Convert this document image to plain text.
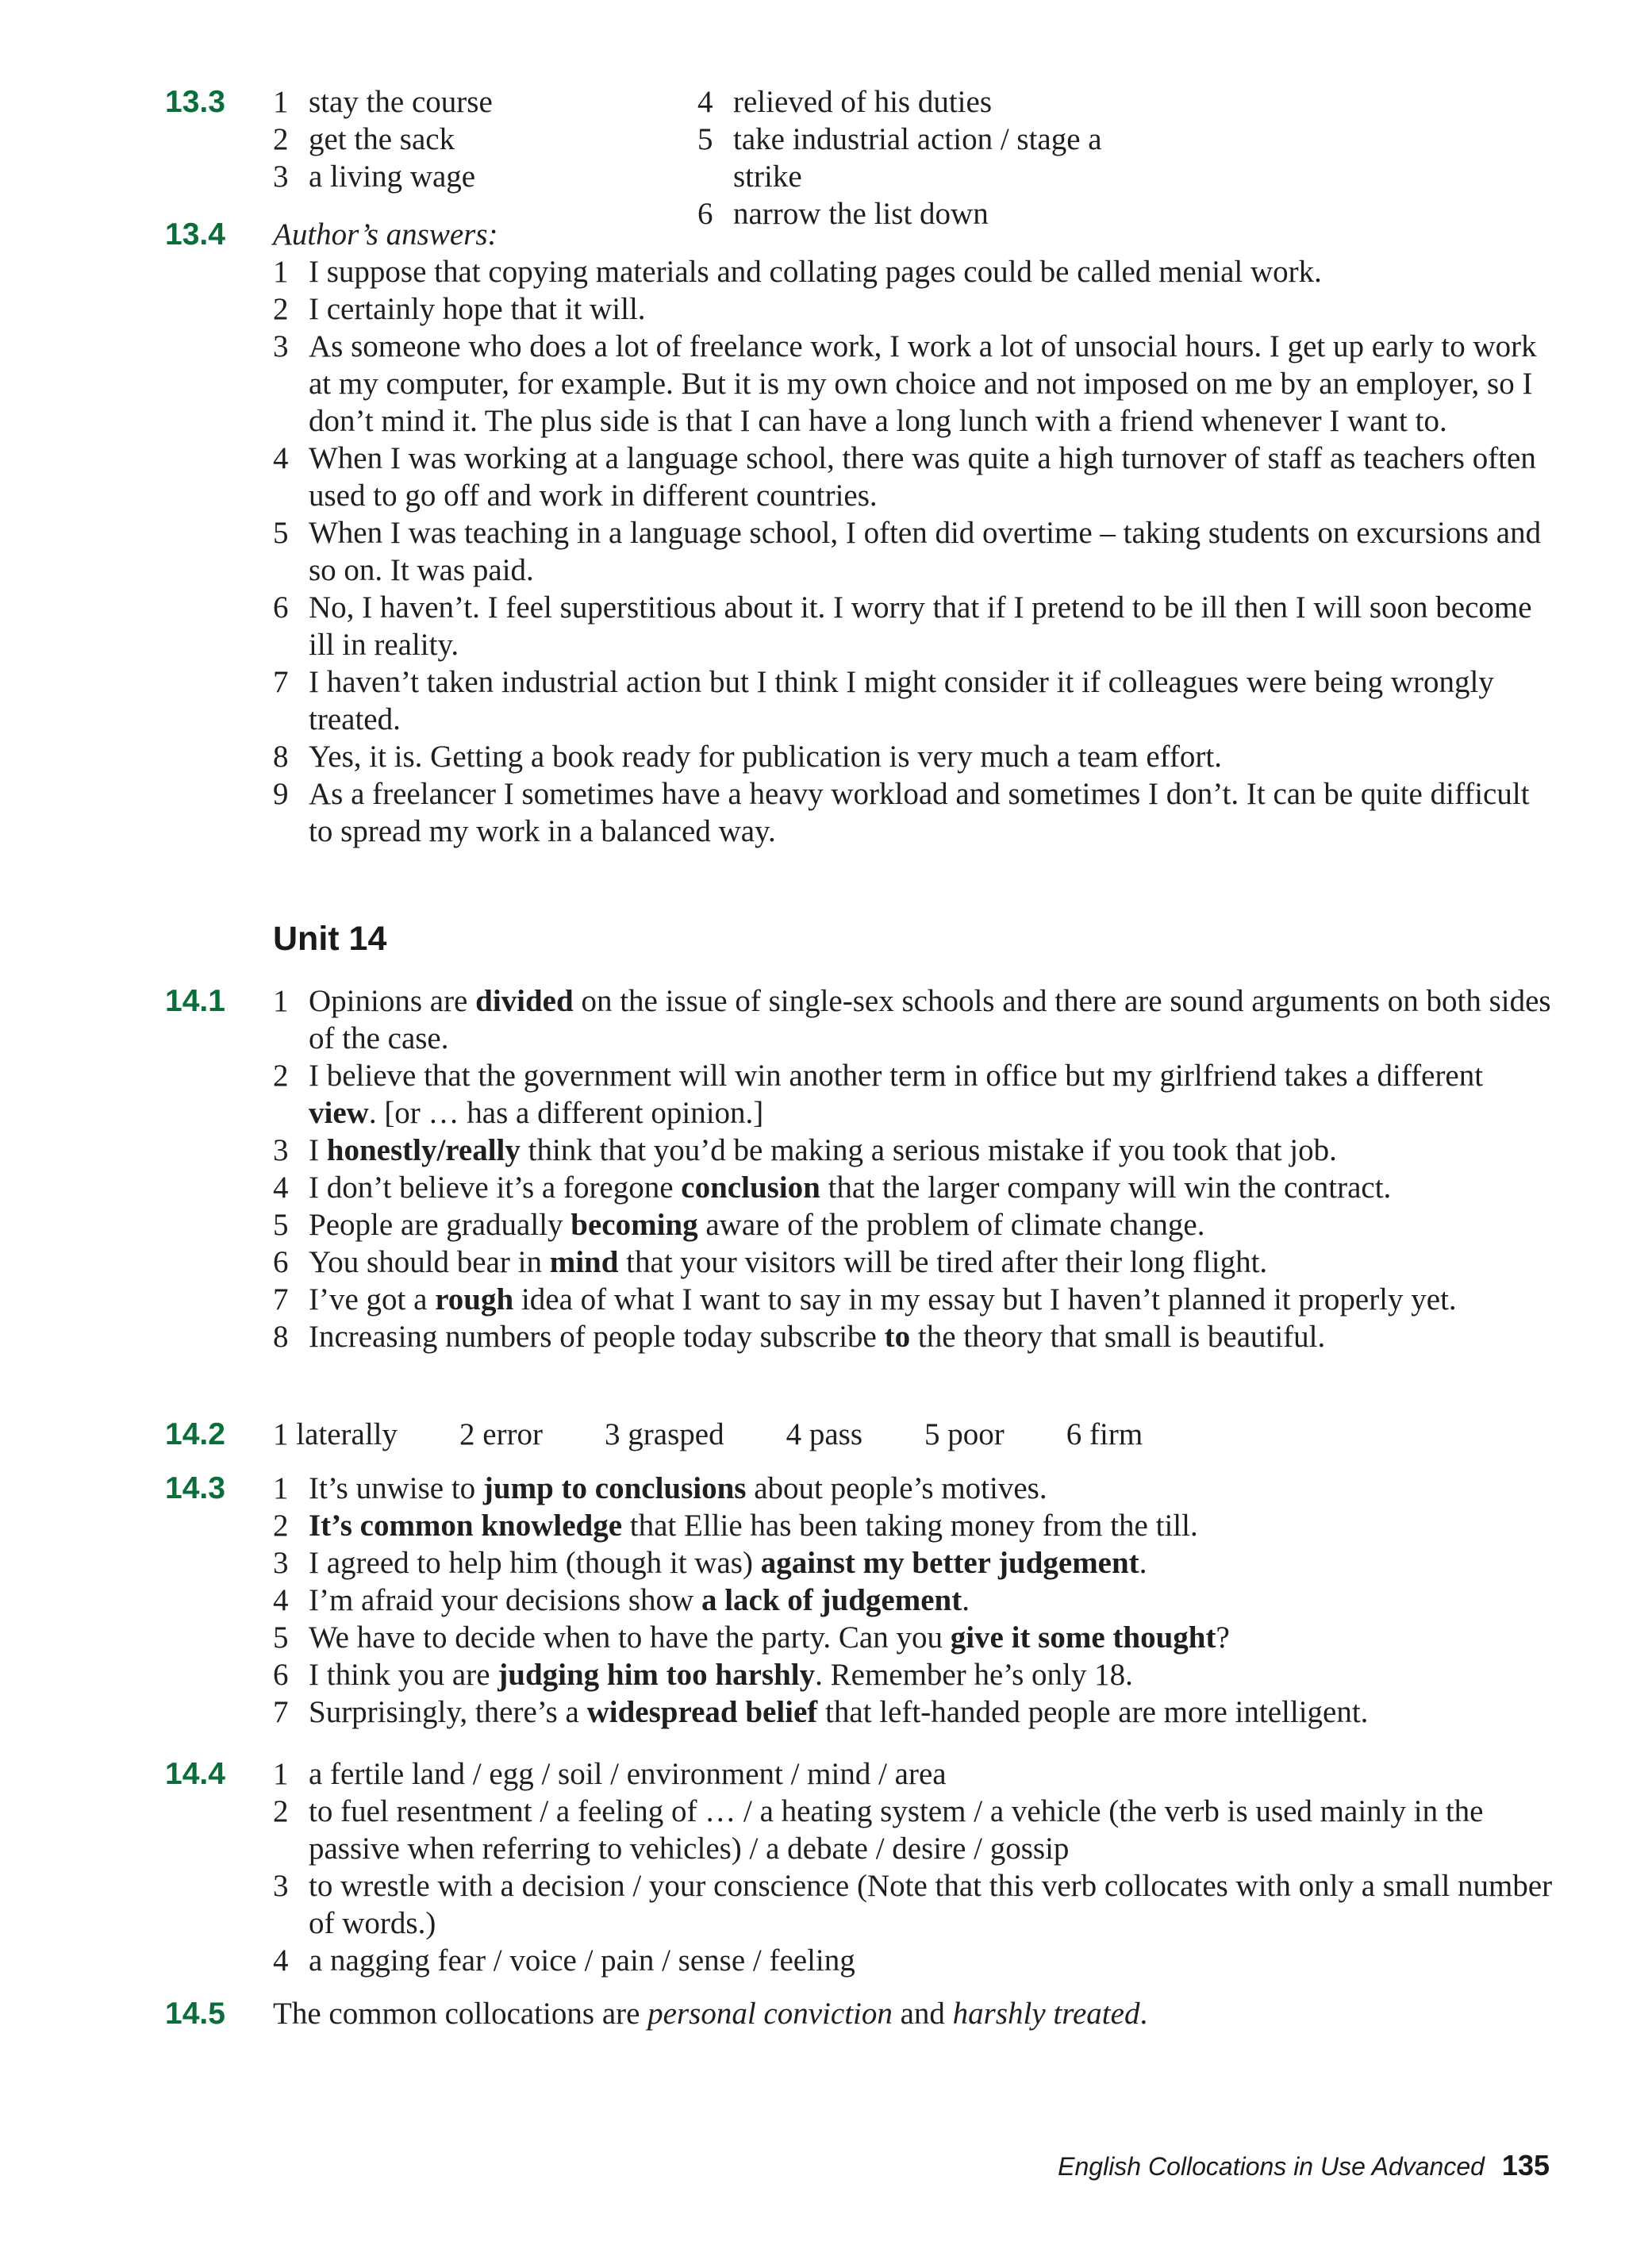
13.3 1 stay the course
2 get the sack
3 a living wage
4 relieved of his duties
5 take industrial action / stage a strike
6 narrow the list down
13.4 Author’s answers:
1 I suppose that copying materials and collating pages could be called menial work.
2 I certainly hope that it will.
3 As someone who does a lot of freelance work, I work a lot of unsocial hours. I get up early to work at my computer, for example. But it is my own choice and not imposed on me by an employer, so I don’t mind it. The plus side is that I can have a long lunch with a friend whenever I want to.
4 When I was working at a language school, there was quite a high turnover of staff as teachers often used to go off and work in different countries.
5 When I was teaching in a language school, I often did overtime – taking students on excursions and so on. It was paid.
6 No, I haven’t. I feel superstitious about it. I worry that if I pretend to be ill then I will soon become ill in reality.
7 I haven’t taken industrial action but I think I might consider it if colleagues were being wrongly treated.
8 Yes, it is. Getting a book ready for publication is very much a team effort.
9 As a freelancer I sometimes have a heavy workload and sometimes I don’t. It can be quite difficult to spread my work in a balanced way.
Unit 14
14.1 1 Opinions are divided on the issue of single-sex schools and there are sound arguments on both sides of the case.
2 I believe that the government will win another term in office but my girlfriend takes a different view. [or … has a different opinion.]
3 I honestly/really think that you’d be making a serious mistake if you took that job.
4 I don’t believe it’s a foregone conclusion that the larger company will win the contract.
5 People are gradually becoming aware of the problem of climate change.
6 You should bear in mind that your visitors will be tired after their long flight.
7 I’ve got a rough idea of what I want to say in my essay but I haven’t planned it properly yet.
8 Increasing numbers of people today subscribe to the theory that small is beautiful.
14.2 1 laterally 2 error 3 grasped 4 pass 5 poor 6 firm
14.3 1 It’s unwise to jump to conclusions about people’s motives.
2 It’s common knowledge that Ellie has been taking money from the till.
3 I agreed to help him (though it was) against my better judgement.
4 I’m afraid your decisions show a lack of judgement.
5 We have to decide when to have the party. Can you give it some thought?
6 I think you are judging him too harshly. Remember he’s only 18.
7 Surprisingly, there’s a widespread belief that left-handed people are more intelligent.
14.4 1 a fertile land / egg / soil / environment / mind / area
2 to fuel resentment / a feeling of … / a heating system / a vehicle (the verb is used mainly in the passive when referring to vehicles) / a debate / desire / gossip
3 to wrestle with a decision / your conscience (Note that this verb collocates with only a small number of words.)
4 a nagging fear / voice / pain / sense / feeling
14.5 The common collocations are personal conviction and harshly treated.
English Collocations in Use Advanced 135
